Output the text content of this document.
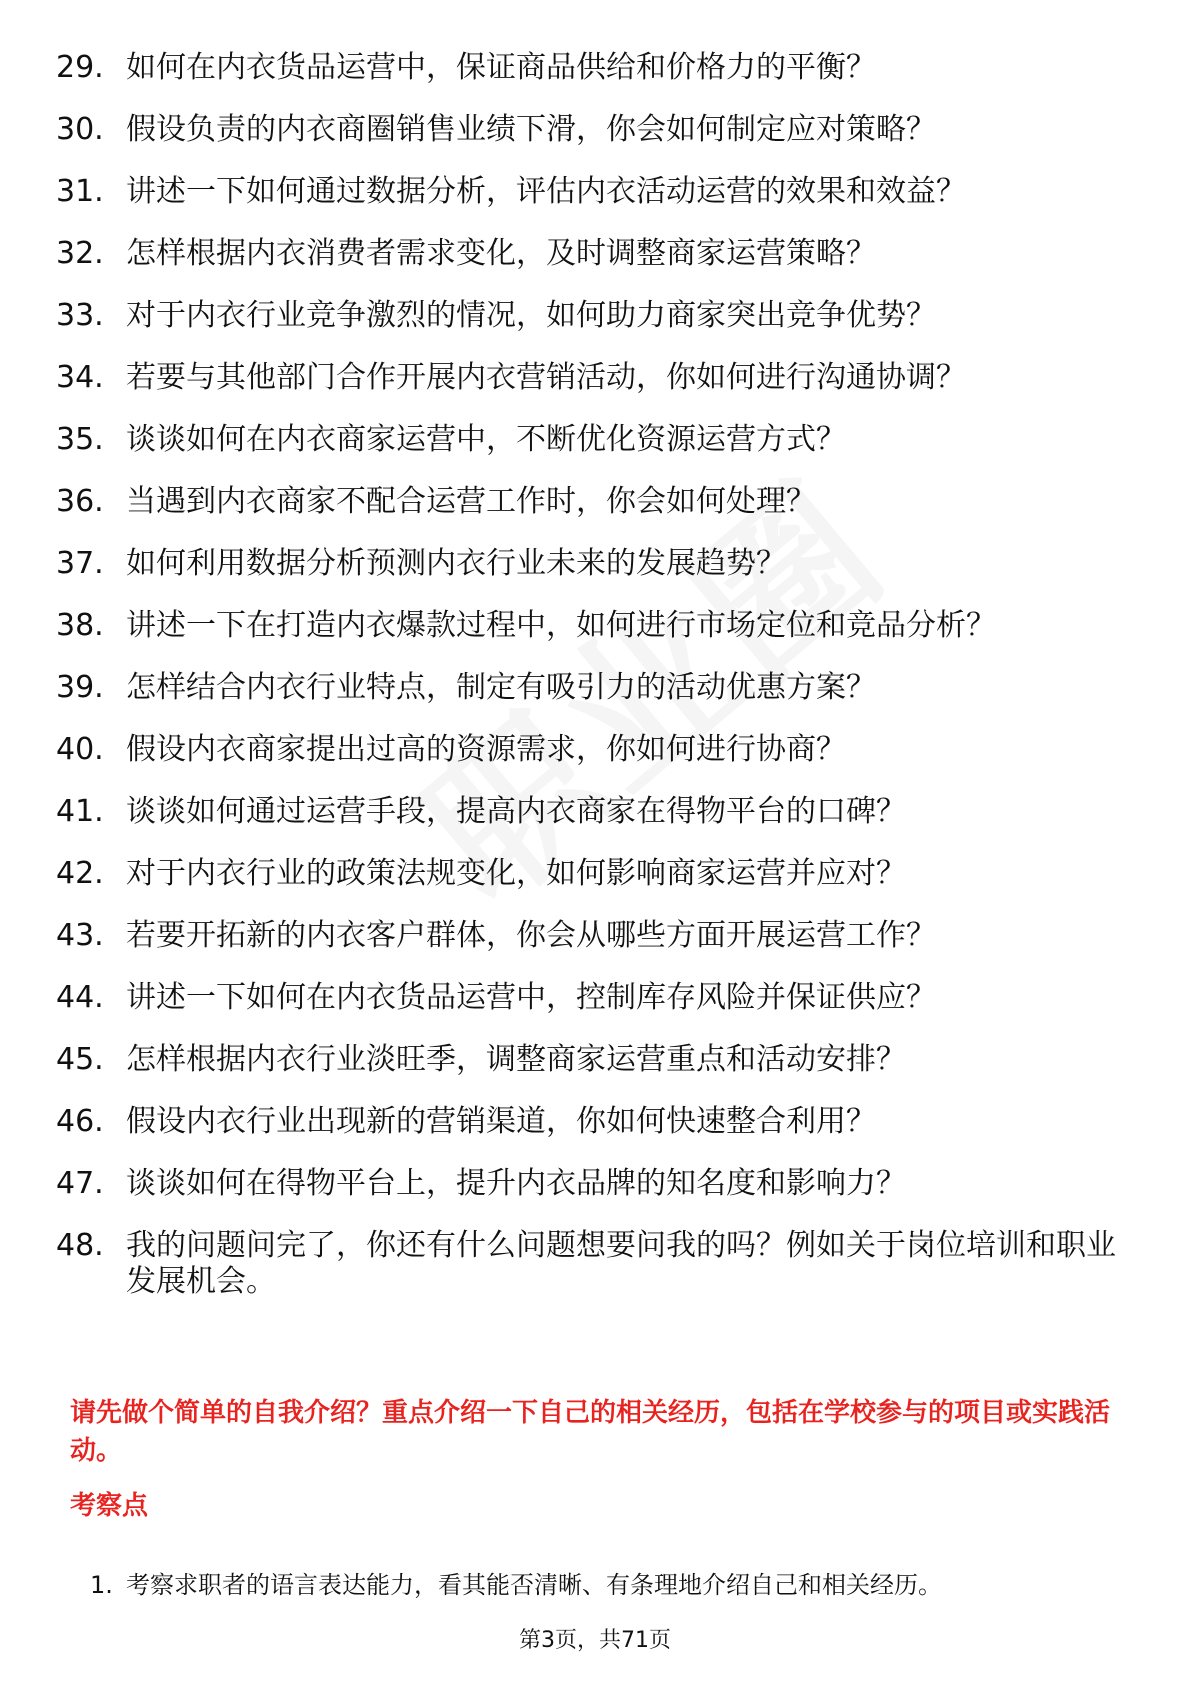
29. 如何在内衣货品运营中，保证商品供给和价格力的平衡？
30. 假设负责的内衣商圈销售业绩下滑，你会如何制定应对策略？
31. 讲述一下如何通过数据分析，评估内衣活动运营的效果和效益？
32. 怎样根据内衣消费者需求变化，及时调整商家运营策略？
33. 对于内衣行业竞争激烈的情况，如何助力商家突出竞争优势？
34. 若要与其他部门合作开展内衣营销活动，你如何进行沟通协调？
35. 谈谈如何在内衣商家运营中，不断优化资源运营方式？
36. 当遇到内衣商家不配合运营工作时，你会如何处理？
37. 如何利用数据分析预测内衣行业未来的发展趋势？
38. 讲述一下在打造内衣爆款过程中，如何进行市场定位和竞品分析？
39. 怎样结合内衣行业特点，制定有吸引力的活动优惠方案？
40. 假设内衣商家提出过高的资源需求，你如何进行协商？
41. 谈谈如何通过运营手段，提高内衣商家在得物平台的口碑？
42. 对于内衣行业的政策法规变化，如何影响商家运营并应对？
43. 若要开拓新的内衣客户群体，你会从哪些方面开展运营工作？
44. 讲述一下如何在内衣货品运营中，控制库存风险并保证供应？
45. 怎样根据内衣行业淡旺季，调整商家运营重点和活动安排？
46. 假设内衣行业出现新的营销渠道，你如何快速整合利用？
47. 谈谈如何在得物平台上，提升内衣品牌的知名度和影响力？
48. 我的问题问完了，你还有什么问题想要问我的吗？例如关于岗位培训和职业发展机会。

请先做个简单的自我介绍？重点介绍一下自己的相关经历，包括在学校参与的项目或实践活动。

考察点

1. 考察求职者的语言表达能力，看其能否清晰、有条理地介绍自己和相关经历。
第3页，共71页
